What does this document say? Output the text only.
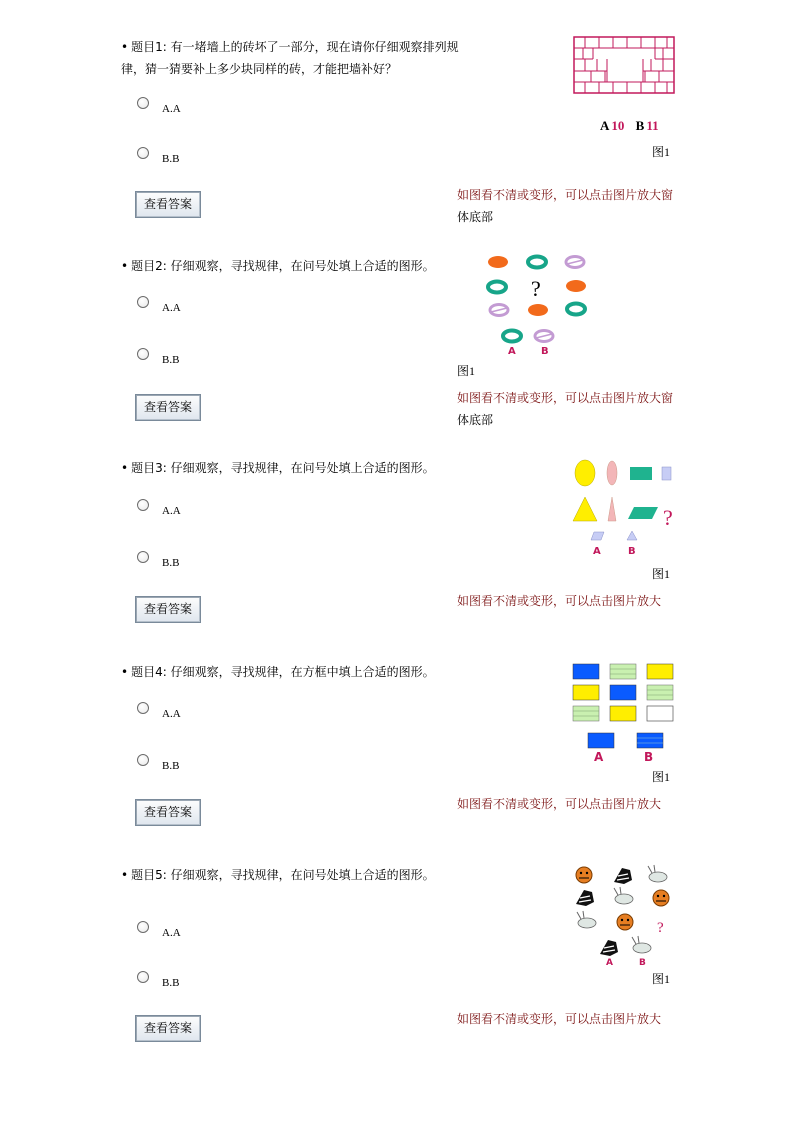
• 题目1: 有一堵墙上的砖坏了一部分，现在请你仔细观察排列规律，猜一猜要补上多少块同样的砖，才能把墙补好？
A.A
B.B
查看答案
如图看不清或变形，可以点击图片放大窗
体底部
A 10 B 11
图1
• 题目2: 仔细观察，寻找规律，在问号处填上合适的图形。
A.A
B.B
查看答案
如图看不清或变形，可以点击图片放大窗
体底部
?
A	B
图1
• 题目3: 仔细观察，寻找规律，在问号处填上合适的图形。
A.A
B.B
查看答案
如图看不清或变形，可以点击图片放大
?
A	B
图1
• 题目4: 仔细观察，寻找规律，在方框中填上合适的图形。
A.A
B.B
查看答案
如图看不清或变形，可以点击图片放大
A	B
图1
• 题目5: 仔细观察，寻找规律，在问号处填上合适的图形。
A.A
B.B
查看答案
如图看不清或变形，可以点击图片放大
?
A	B
图1
